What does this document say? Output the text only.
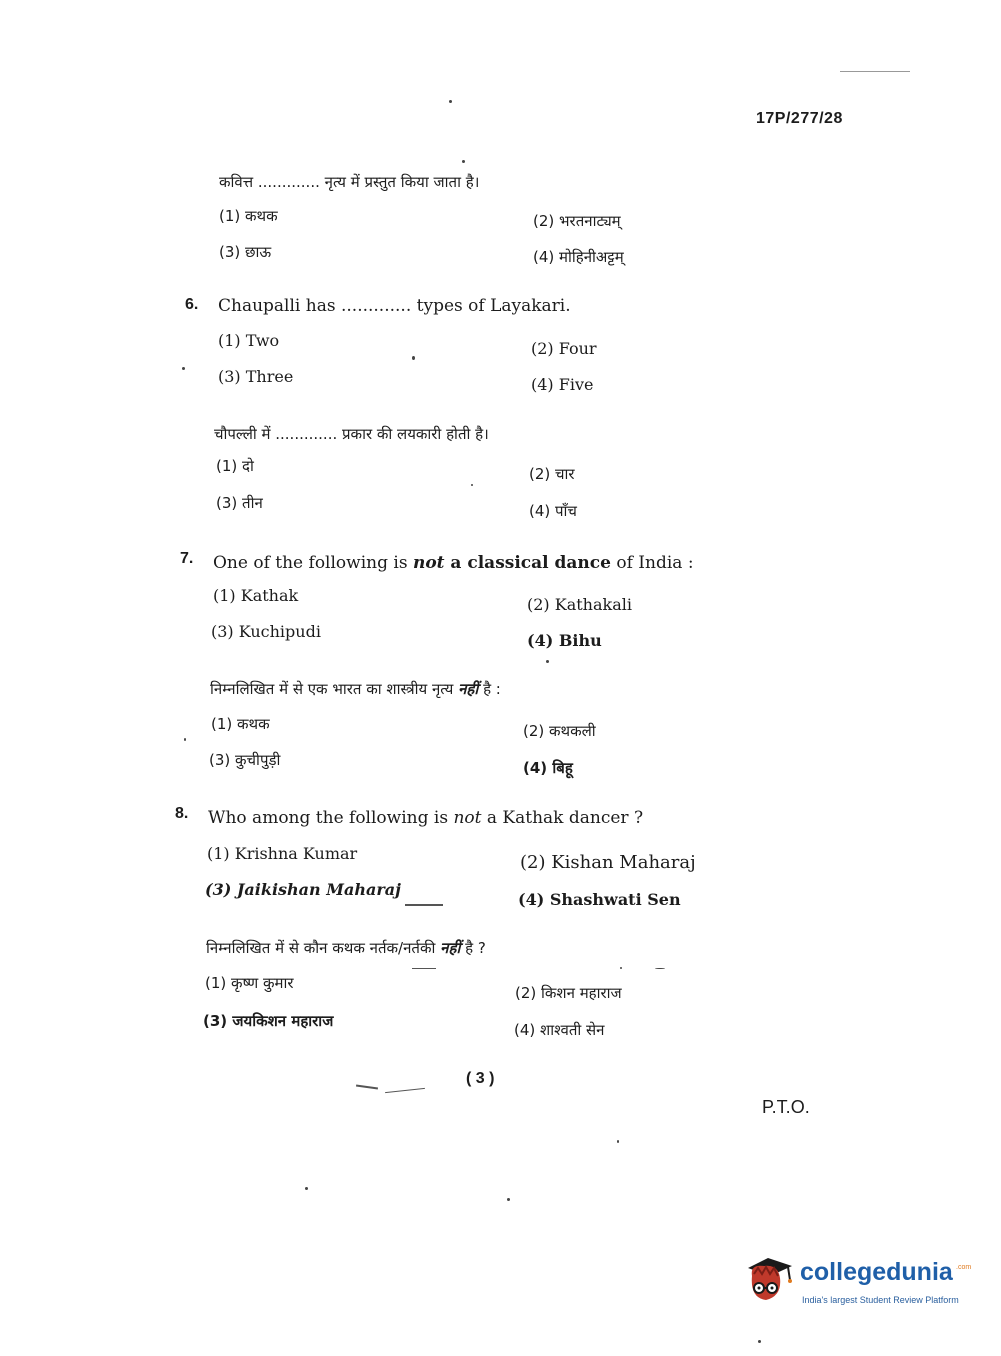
17P/277/28
कवित्त ............. नृत्य में प्रस्तुत किया जाता है।
(1) कथक	(2) भरतनाट्यम्
(3) छाऊ	(4) मोहिनीअट्टम्
6. Chaupalli has ............. types of Layakari.
(1) Two	(2) Four
(3) Three	(4) Five
चौपल्ली में ............. प्रकार की लयकारी होती है।
(1) दो	(2) चार
(3) तीन	(4) पाँच
7. One of the following is not a classical dance of India :
(1) Kathak	(2) Kathakali
(3) Kuchipudi	(4) Bihu
निम्नलिखित में से एक भारत का शास्त्रीय नृत्य नहीं है :
(1) कथक	(2) कथकली
(3) कुचीपुड़ी	(4) बिहू
8. Who among the following is not a Kathak dancer ?
(1) Krishna Kumar	(2) Kishan Maharaj
(3) Jaikishan Maharaj
(4) Shashwati Sen
निम्नलिखित में से कौन कथक नर्तक/नर्तकी नहीं है ?
(1) कृष्ण कुमार
(2) किशन महाराज
(3) जयकिशन महाराज	(4) शाश्वती सेन
( 3 )
P.T.O.
collegedunia .com
India's largest Student Review Platform
